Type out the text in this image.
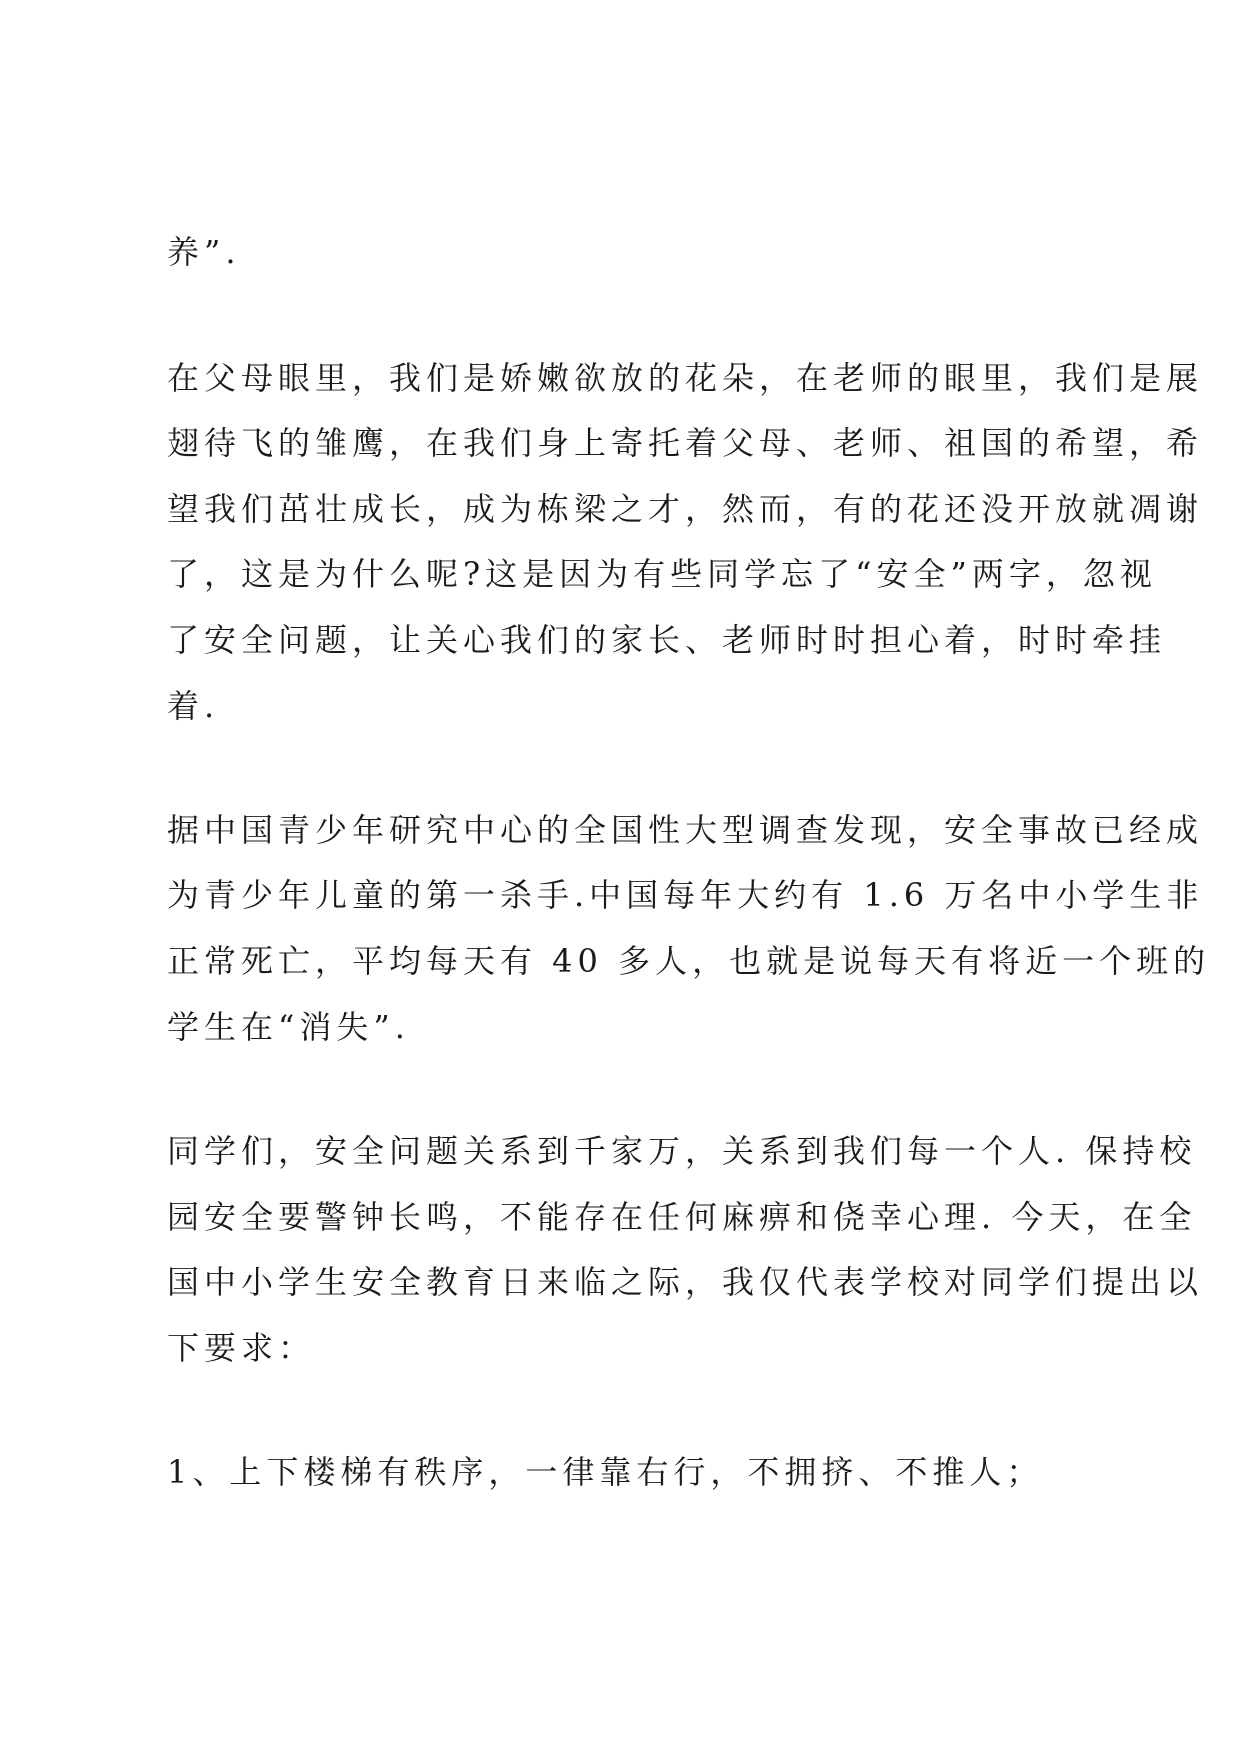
养”.
在父母眼里，我们是娇嫩欲放的花朵，在老师的眼里，我们是展
翅待飞的雏鹰，在我们身上寄托着父母、老师、祖国的希望，希
望我们茁壮成长，成为栋梁之才，然而，有的花还没开放就凋谢
了，这是为什么呢?这是因为有些同学忘了“安全”两字，忽视
了安全问题，让关心我们的家长、老师时时担心着，时时牵挂
着.
据中国青少年研究中心的全国性大型调查发现，安全事故已经成
为青少年儿童的第一杀手.中国每年大约有 1.6 万名中小学生非
正常死亡，平均每天有 40 多人，也就是说每天有将近一个班的
学生在“消失”.
同学们，安全问题关系到千家万，关系到我们每一个人. 保持校
园安全要警钟长鸣，不能存在任何麻痹和侥幸心理. 今天，在全
国中小学生安全教育日来临之际，我仅代表学校对同学们提出以
下要求：
1、上下楼梯有秩序，一律靠右行，不拥挤、不推人；
